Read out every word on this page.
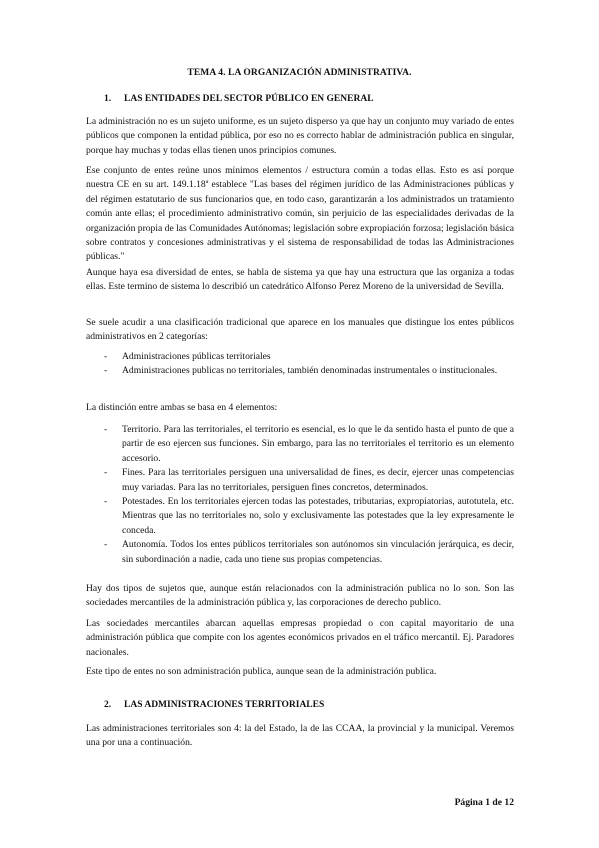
TEMA 4. LA ORGANIZACIÓN ADMINISTRATIVA.
1. LAS ENTIDADES DEL SECTOR PÚBLICO EN GENERAL
La administración no es un sujeto uniforme, es un sujeto disperso ya que hay un conjunto muy variado de entes públicos que componen la entidad pública, por eso no es correcto hablar de administración publica en singular, porque hay muchas y todas ellas tienen unos principios comunes.
Ese conjunto de entes reúne unos mínimos elementos / estructura común a todas ellas. Esto es así porque nuestra CE en su art. 149.1.18ª establece "Las bases del régimen jurídico de las Administraciones públicas y del régimen estatutario de sus funcionarios que, en todo caso, garantizarán a los administrados un tratamiento común ante ellas; el procedimiento administrativo común, sin perjuicio de las especialidades derivadas de la organización propia de las Comunidades Autónomas; legislación sobre expropiación forzosa; legislación básica sobre contratos y concesiones administrativas y el sistema de responsabilidad de todas las Administraciones públicas."
Aunque haya esa diversidad de entes, se habla de sistema ya que hay una estructura que las organiza a todas ellas. Este termino de sistema lo describió un catedrático Alfonso Perez Moreno de la universidad de Sevilla.
Se suele acudir a una clasificación tradicional que aparece en los manuales que distingue los entes públicos administrativos en 2 categorías:
- Administraciones públicas territoriales
- Administraciones publicas no territoriales, también denominadas instrumentales o institucionales.
La distinción entre ambas se basa en 4 elementos:
- Territorio. Para las territoriales, el territorio es esencial, es lo que le da sentido hasta el punto de que a partir de eso ejercen sus funciones. Sin embargo, para las no territoriales el territorio es un elemento accesorio.
- Fines. Para las territoriales persiguen una universalidad de fines, es decir, ejercer unas competencias muy variadas. Para las no territoriales, persiguen fines concretos, determinados.
- Potestades. En los territoriales ejercen todas las potestades, tributarias, expropiatorias, autotutela, etc. Mientras que las no territoriales no, solo y exclusivamente las potestades que la ley expresamente le conceda.
- Autonomía. Todos los entes públicos territoriales son autónomos sin vinculación jerárquica, es decir, sin subordinación a nadie, cada uno tiene sus propias competencias.
Hay dos tipos de sujetos que, aunque están relacionados con la administración publica no lo son. Son las sociedades mercantiles de la administración pública y, las corporaciones de derecho publico.
Las sociedades mercantiles abarcan aquellas empresas propiedad o con capital mayoritario de una administración pública que compite con los agentes económicos privados en el tráfico mercantil. Ej. Paradores nacionales.
Este tipo de entes no son administración publica, aunque sean de la administración publica.
2. LAS ADMINISTRACIONES TERRITORIALES
Las administraciones territoriales son 4: la del Estado, la de las CCAA, la provincial y la municipal. Veremos una por una a continuación.
Página 1 de 12
